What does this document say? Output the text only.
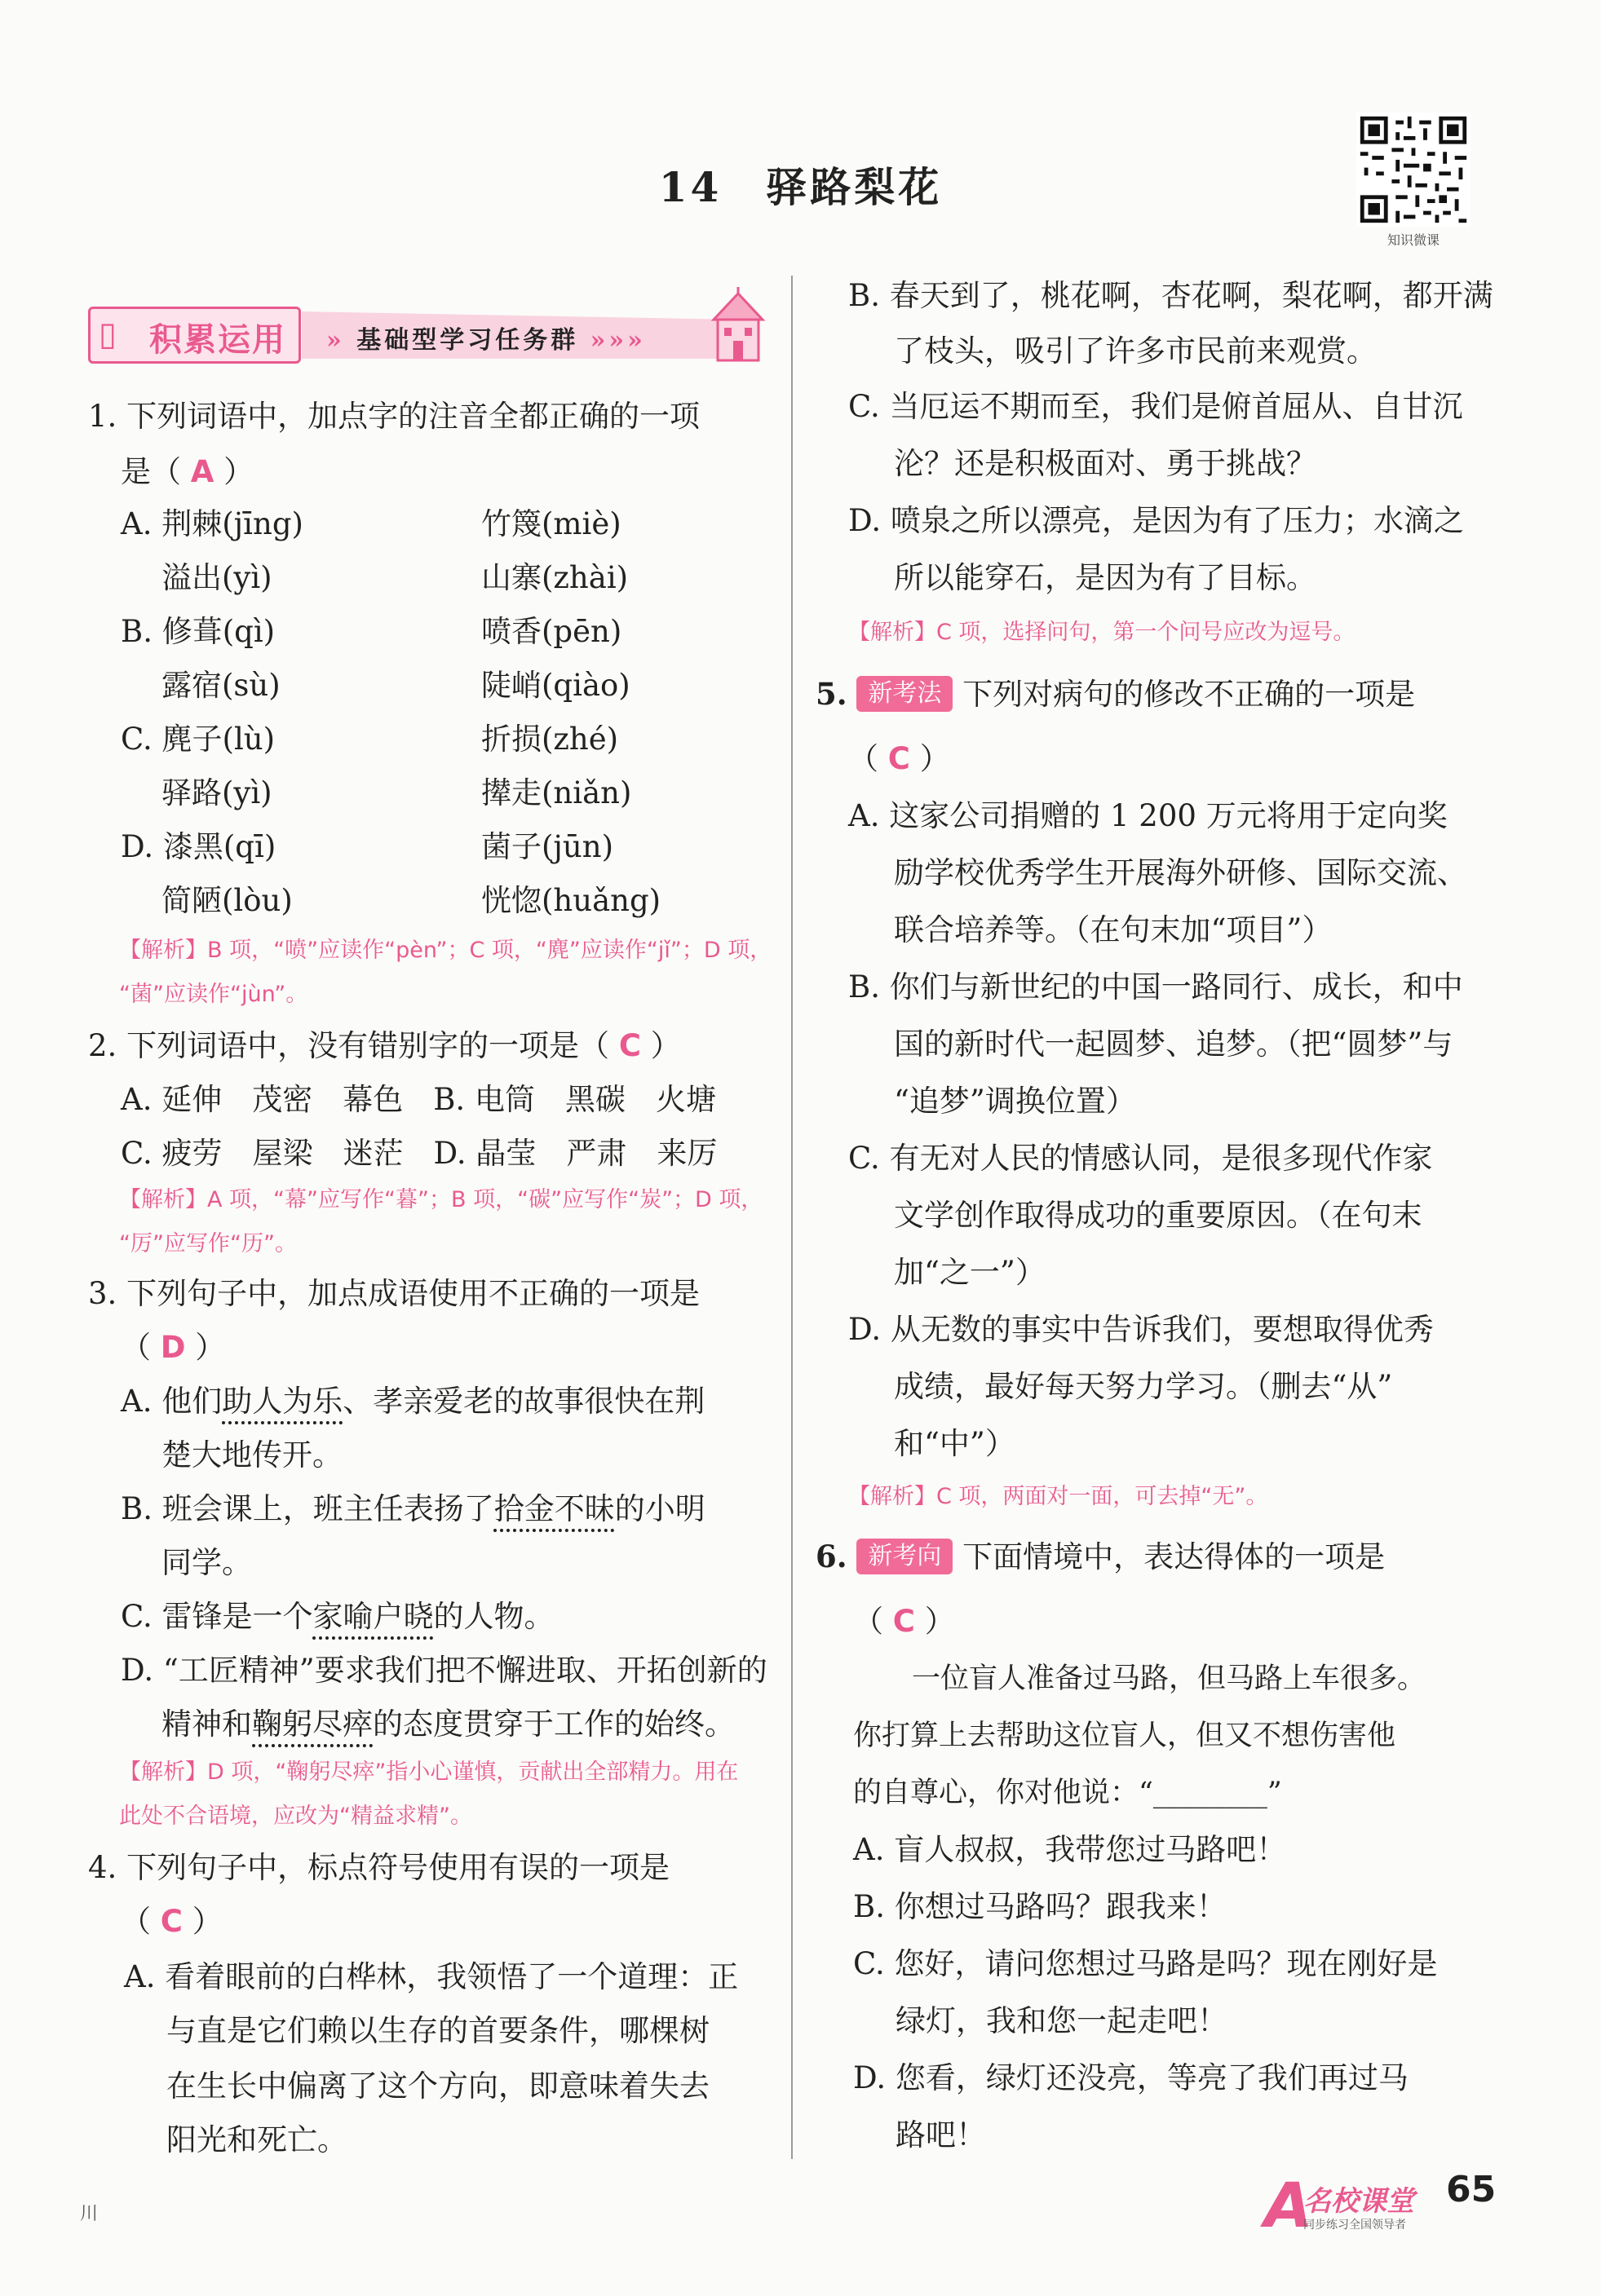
14　驿路梨花
知识微课
▯ 积累运用 » 基础型学习任务群 »»»
1. 下列词语中，加点字的注音全都正确的一项
是（ A ）
A. 荆棘(jīng)	竹篾(miè)
溢出(yì)	山寨(zhài)
B. 修葺(qì)	喷香(pēn)
露宿(sù)	陡峭(qiào)
C. 麂子(lù)	折损(zhé)
驿路(yì)	撵走(niǎn)
D. 漆黑(qī)	菌子(jūn)
简陋(lòu)	恍惚(huǎng)
【解析】B 项，“喷”应读作“pèn”；C 项，“麂”应读作“jǐ”；D 项，
“菌”应读作“jùn”。
2. 下列词语中，没有错别字的一项是（ C ）
A. 延伸　茂密　幕色　B. 电筒　黑碳　火塘
C. 疲劳　屋梁　迷茫　D. 晶莹　严肃　来厉
【解析】A 项，“幕”应写作“暮”；B 项，“碳”应写作“炭”；D 项，
“厉”应写作“历”。
3. 下列句子中，加点成语使用不正确的一项是
（ D ）
A. 他们助人为乐、孝亲爱老的故事很快在荆
楚大地传开。
B. 班会课上，班主任表扬了拾金不昧的小明
同学。
C. 雷锋是一个家喻户晓的人物。
D. “工匠精神”要求我们把不懈进取、开拓创新的
精神和鞠躬尽瘁的态度贯穿于工作的始终。
【解析】D 项，“鞠躬尽瘁”指小心谨慎，贡献出全部精力。用在
此处不合语境，应改为“精益求精”。
4. 下列句子中，标点符号使用有误的一项是
（ C ）
A. 看着眼前的白桦林，我领悟了一个道理：正
与直是它们赖以生存的首要条件，哪棵树
在生长中偏离了这个方向，即意味着失去
阳光和死亡。
B. 春天到了，桃花啊，杏花啊，梨花啊，都开满
了枝头，吸引了许多市民前来观赏。
C. 当厄运不期而至，我们是俯首屈从、自甘沉
沦？还是积极面对、勇于挑战？
D. 喷泉之所以漂亮，是因为有了压力；水滴之
所以能穿石，是因为有了目标。
【解析】C 项，选择问句，第一个问号应改为逗号。
5. 新考法 下列对病句的修改不正确的一项是
（ C ）
A. 这家公司捐赠的 1 200 万元将用于定向奖
励学校优秀学生开展海外研修、国际交流、
联合培养等。（在句末加“项目”）
B. 你们与新世纪的中国一路同行、成长，和中
国的新时代一起圆梦、追梦。（把“圆梦”与
“追梦”调换位置）
C. 有无对人民的情感认同，是很多现代作家
文学创作取得成功的重要原因。（在句末
加“之一”）
D. 从无数的事实中告诉我们，要想取得优秀
成绩，最好每天努力学习。（删去“从”
和“中”）
【解析】C 项，两面对一面，可去掉“无”。
6. 新考向 下面情境中，表达得体的一项是
（ C ）
一位盲人准备过马路，但马路上车很多。
你打算上去帮助这位盲人，但又不想伤害他
的自尊心，你对他说：“________”
A. 盲人叔叔，我带您过马路吧！
B. 你想过马路吗？跟我来！
C. 您好，请问您想过马路是吗？现在刚好是
绿灯，我和您一起走吧！
D. 您看，绿灯还没亮，等亮了我们再过马
路吧！
川	A
名校课堂
同步练习全国领导者
65
